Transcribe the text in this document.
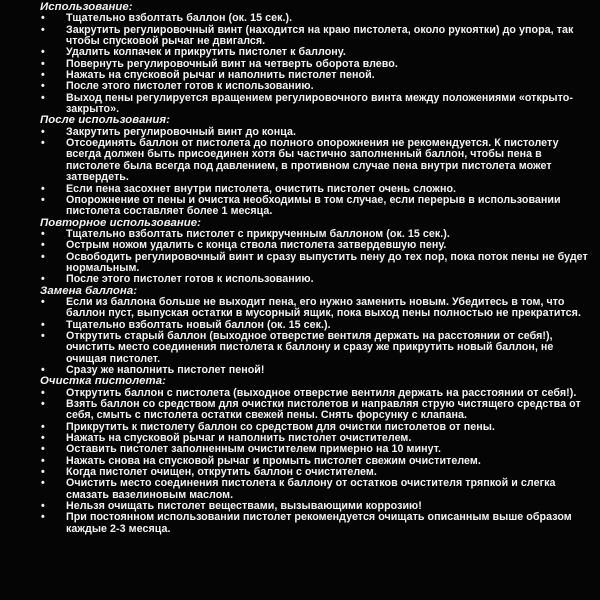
Использование:
• Тщательно взболтать баллон (ок. 15 сек.).
• Закрутить регулировочный винт (находится на краю пистолета, около рукоятки) до упора, так чтобы спусковой рычаг не двигался.
• Удалить колпачек и прикрутить пистолет к баллону.
• Повернуть регулировочный винт на четверть оборота влево.
• Нажать на спусковой рычаг и наполнить пистолет пеной.
• После этого пистолет готов к использованию.
• Выход пены регулируется вращением регулировочного винта между положениями «открыто-закрыто».
После использования:
• Закрутить регулировочный винт до конца.
• Отсоединять баллон от пистолета до полного опорожнения не рекомендуется. К пистолету всегда должен быть присоединен хотя бы частично заполненный баллон, чтобы пена в пистолете была всегда под давлением, в противном случае пена внутри пистолета может затвердеть.
• Если пена засохнет внутри пистолета, очистить пистолет очень сложно.
• Опорожнение от пены и очистка необходимы в том случае, если перерыв в использовании пистолета составляет более 1 месяца.
Повторное использование:
• Тщательно взболтать пистолет с прикрученным баллоном (ок. 15 сек.).
• Острым ножом удалить с конца ствола пистолета затвердевшую пену.
• Освободить регулировочный винт и сразу выпустить пену до тех пор, пока поток пены не будет нормальным.
• После этого пистолет готов к использованию.
Замена баллона:
• Если из баллона больше не выходит пена, его нужно заменить новым. Убедитесь в том, что баллон пуст, выпуская остатки в мусорный ящик, пока выход пены полностью не прекратится.
• Тщательно взболтать новый баллон (ок. 15 сек.).
• Открутить старый баллон (выходное отверстие вентиля держать на расстоянии от себя!), очистить место соединения пистолета к баллону и сразу же прикрутить новый баллон, не очищая пистолет.
• Сразу же наполнить пистолет пеной!
Очистка пистолета:
• Открутить баллон с пистолета (выходное отверстие вентиля держать на расстоянии от себя!).
• Взять баллон со средством для очистки пистолетов и направляя струю чистящего средства от себя, смыть с пистолета остатки свежей пены. Снять форсунку с клапана.
• Прикрутить к пистолету баллон со средством для очистки пистолетов от пены.
• Нажать на спусковой рычаг и наполнить пистолет очистителем.
• Оставить пистолет заполненным очистителем примерно на 10 минут.
• Нажать снова на спусковой рычаг и промыть пистолет свежим очистителем.
• Когда пистолет очищен, открутить баллон с очистителем.
• Очистить место соединения пистолета к баллону от остатков очистителя тряпкой и слегка смазать вазелиновым маслом.
• Нельзя очищать пистолет веществами, вызывающими коррозию!
• При постоянном использовании пистолет рекомендуется очищать описанным выше образом каждые 2-3 месяца.
